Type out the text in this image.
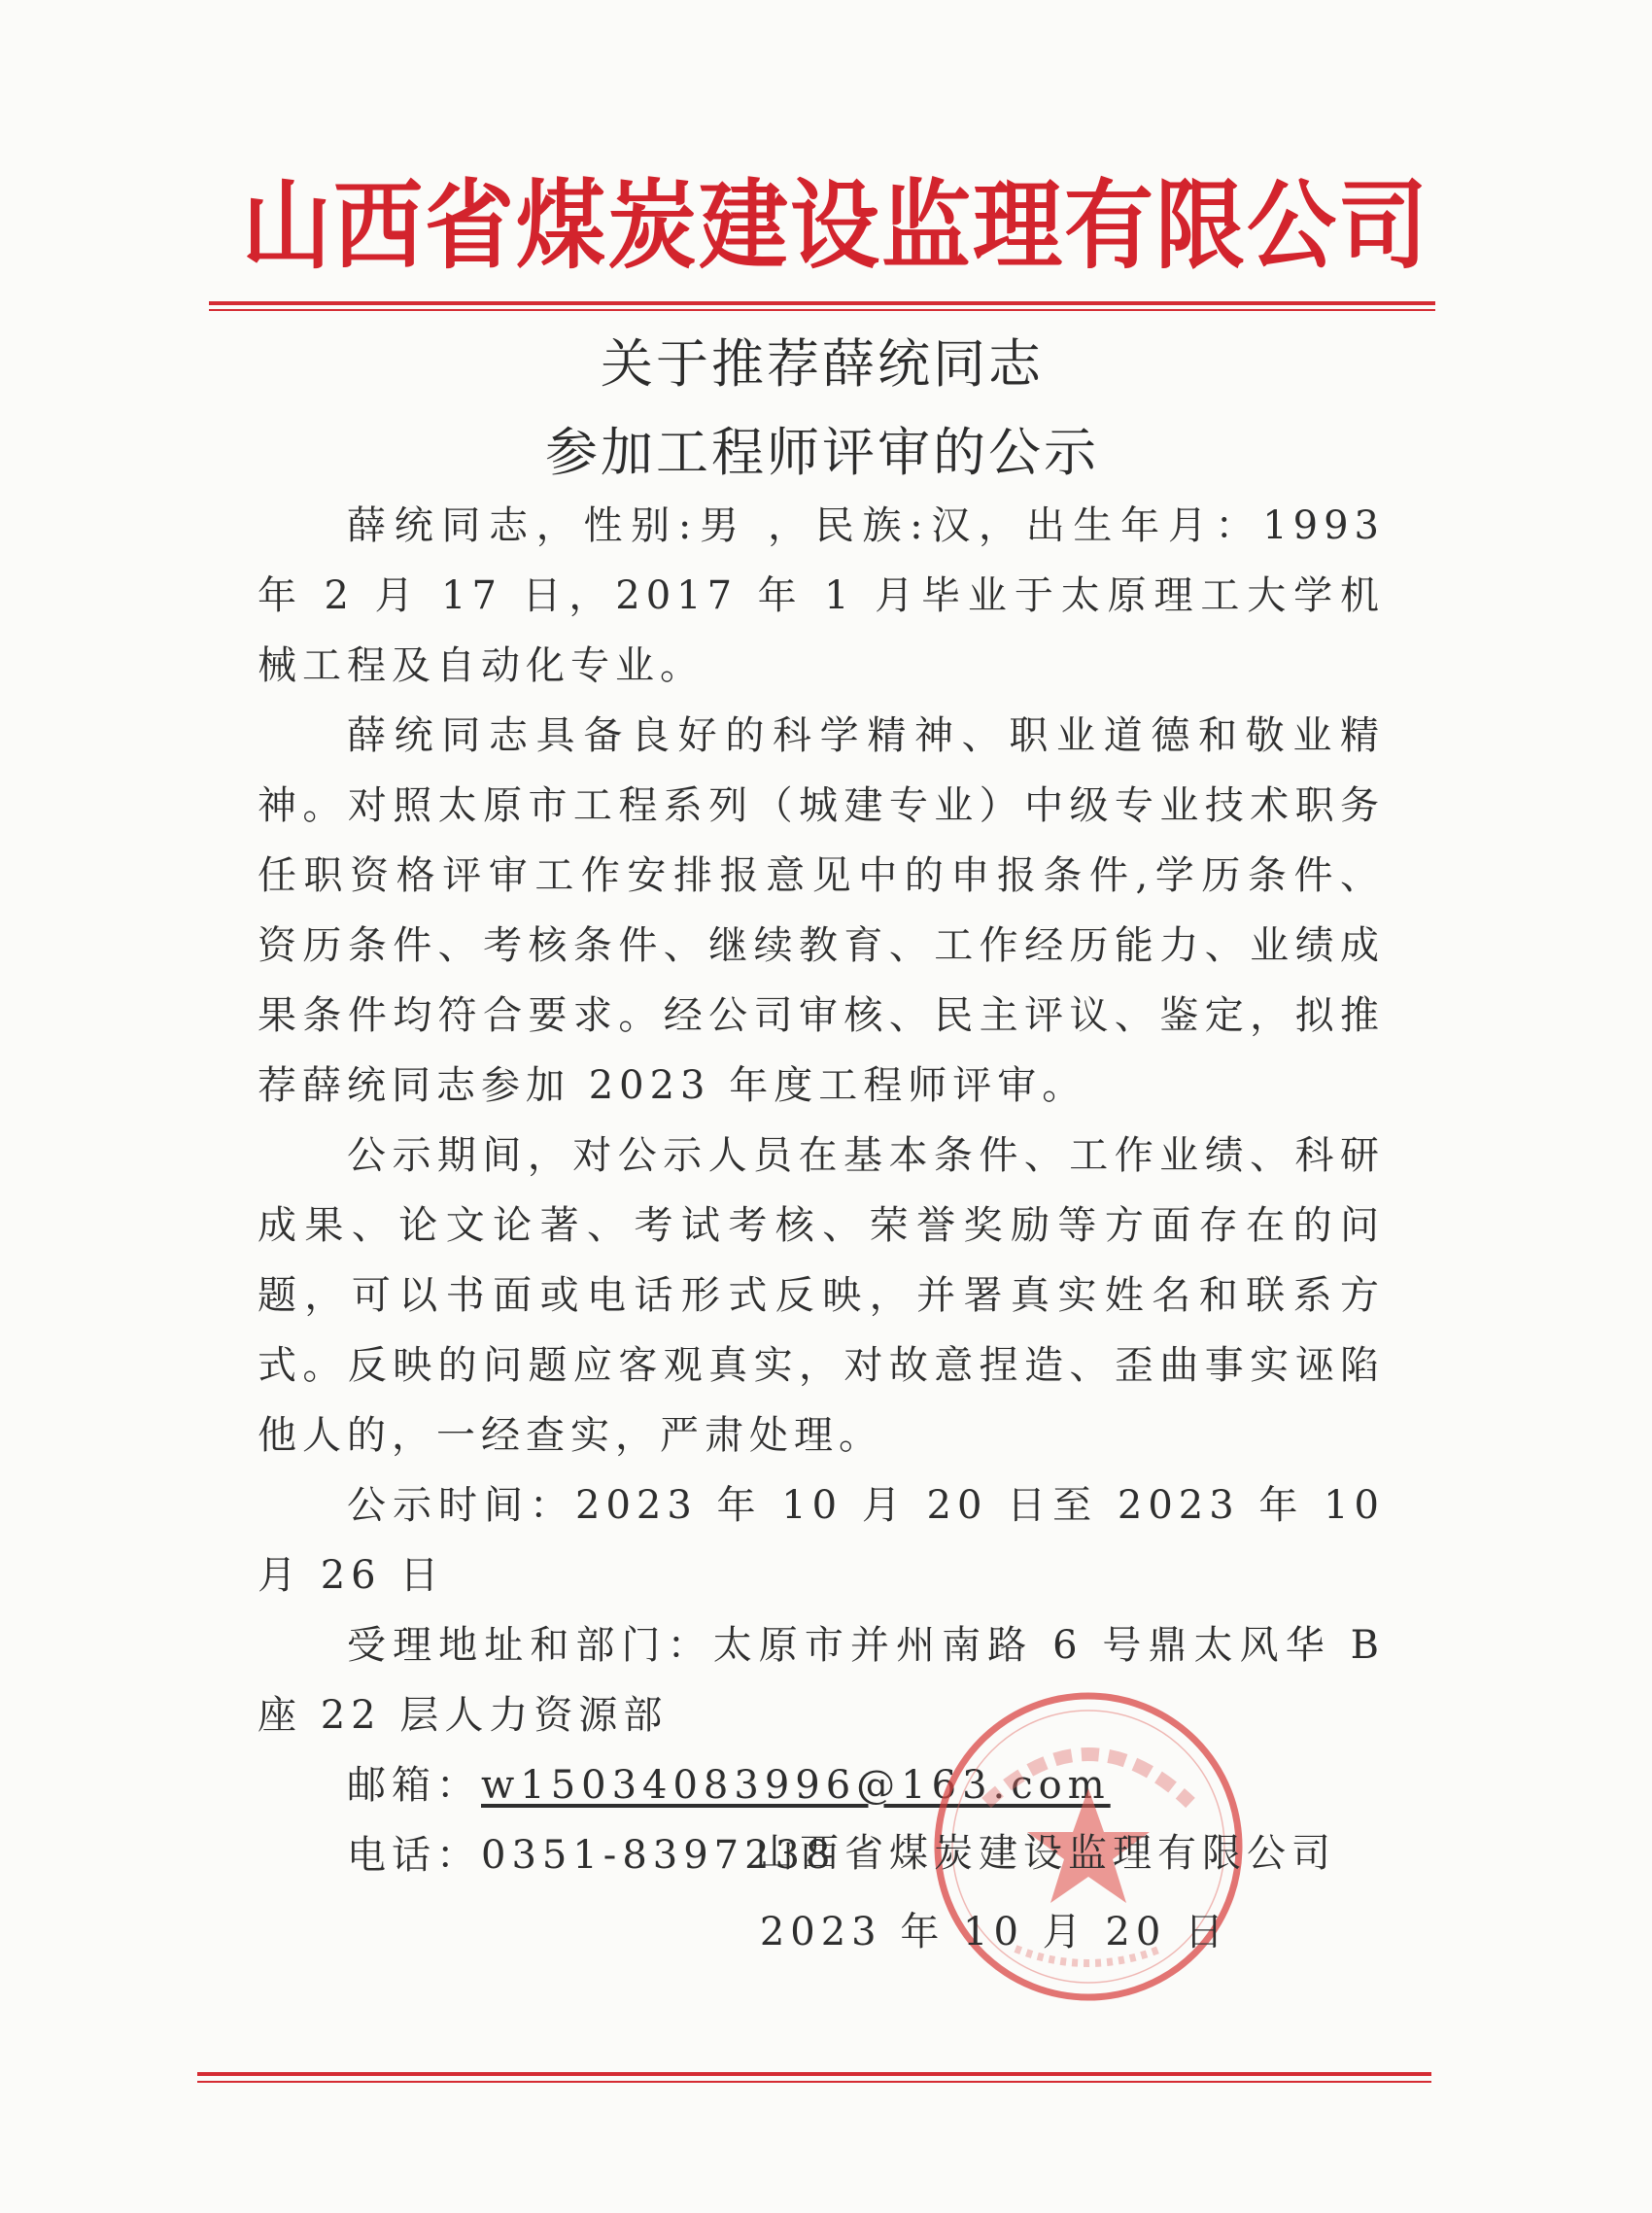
山西省煤炭建设监理有限公司
关于推荐薛统同志
参加工程师评审的公示

薛统同志，性别:男 ，民族:汉，出生年月：1993 年 2 月 17 日，2017 年 1 月毕业于太原理工大学机械工程及自动化专业。

薛统同志具备良好的科学精神、职业道德和敬业精神。对照太原市工程系列（城建专业）中级专业技术职务任职资格评审工作安排报意见中的申报条件,学历条件、资历条件、考核条件、继续教育、工作经历能力、业绩成果条件均符合要求。经公司审核、民主评议、鉴定，拟推荐薛统同志参加 2023 年度工程师评审。

公示期间，对公示人员在基本条件、工作业绩、科研成果、论文论著、考试考核、荣誉奖励等方面存在的问题，可以书面或电话形式反映，并署真实姓名和联系方式。反映的问题应客观真实，对故意捏造、歪曲事实诬陷他人的，一经查实，严肃处理。

公示时间：2023 年 10 月 20 日至 2023 年 10 月 26 日

受理地址和部门：太原市并州南路 6 号鼎太风华 B 座 22 层人力资源部

邮箱：w15034083996@163.com

电话：0351-8397238

山西省煤炭建设监理有限公司
2023 年 10 月 20 日
